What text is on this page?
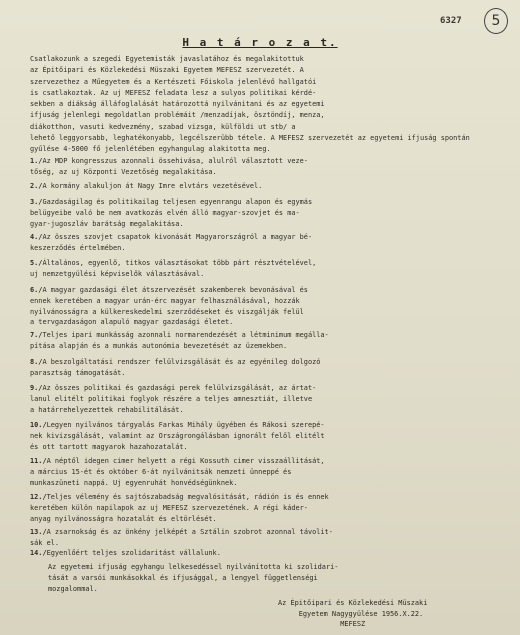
6327	5
H a t á r o z a t.

Csatlakozunk a szegedi Egyetemisták javaslatához és megalakitottuk
az Épitőipari és Közlekedési Müszaki Egyetem MEFESZ szervezetét. A
szervezethez a Műegyetem és a Kertészeti Főiskola jelenlévő hallgatói
is csatlakoztak. Az uj MEFESZ feladata lesz a sulyos politikai kérdé-
sekben a diákság álláfoglalását határozottá nyilvánitani és az egyetemi
ifjuság jelenlegi megoldatlan problémáit /menzadíjak, ösztöndíj, menza,
diákotthon, vasuti kedvezmény, szabad vizsga, külföldi ut stb/ a
lehető leggyorsabb, leghatékonyabb, legcélszerübb tétele. A MEFESZ szervezetét az egyetemi ifjuság spontán
gyűlése 4-5000 fő jelenlétében egyhangulag alakitotta meg.

1./Az MDP kongresszus azonnali össehivása, alulról választott veze-
tőség, az uj Központi Vezetőség megalakitása.

2./A kormány alakuljon át Nagy Imre elvtárs vezetésével.

3./Gazdaságilag és politikailag teljesen egyenrangu alapon és egymás
belügyeibe való be nem avatkozás elvén álló magyar-szovjet és ma-
gyar-jugoszláv barátság megalakitása.

4./Az összes szovjet csapatok kivonását Magyarországról a magyar bé-
keszerződés értelmében.

5./Általános, egyenlő, titkos választásokat több párt résztvételével,
uj nemzetgyülési képviselők választásával.

6./A magyar gazdasági élet átszervezését szakemberek bevonásával és
ennek keretében a magyar urán-érc magyar felhasználásával, hozzák
nyilvánosságra a külkereskedelmi szerződéseket és viszgálják felül
a tervgazdaságon alapuló magyar gazdasági életet.

7./Teljes ipari munkásság azonnali normarendezését a létminimum megálla-
pítása alapján és a munkás autonómia bevezetését az üzemekben.

8./A beszolgáltatási rendszer felülvizsgálását és az egyénileg dolgozó
parasztság támogatását.

9./Az összes politikai és gazdasági perek felülvizsgálását, az ártat-
lanul elitélt politikai foglyok részére a teljes amnesztiát, illetve
a határrehelyezettek rehabilitálását.

10./Legyen nyilvános tárgyalás Farkas Mihály ügyében és Rákosi szerepé-
nek kivizsgálását, valamint az Országrongálásban ignorált felől elitélt
és ott tartott magyarok hazahozatalát.

11./A néptől idegen cimer helyett a régi Kossuth cimer visszaállitását,
a március 15-ét és október 6-át nyilvánitsák nemzeti ünneppé és
munkaszüneti nappá. Uj egyenruhát honvédségünknek.

12./Teljes vélemény és sajtószabadság megvalósitását, rádión is és ennek
keretében külön napilapok az uj MEFESZ szervezetének. A régi káder-
anyag nyilvánosságra hozatalát és eltörlését.

13./A zsarnokság és az önkény jelképét a Sztálin szobrot azonnal távolit-
sák el.

14./Egyenlőért teljes szolidaritást vállalunk.

Az egyetemi ifjuság egyhangu lelkesedéssel nyilvánította ki szolidari-
tását a varsói munkásokkal és ifjusággal, a lengyel függetlenségi
mozgalommal.

Az Épitőipari és Közlekedési Müszaki
Egyetem Nagygyülése 1956.X.22.
MEFESZ
